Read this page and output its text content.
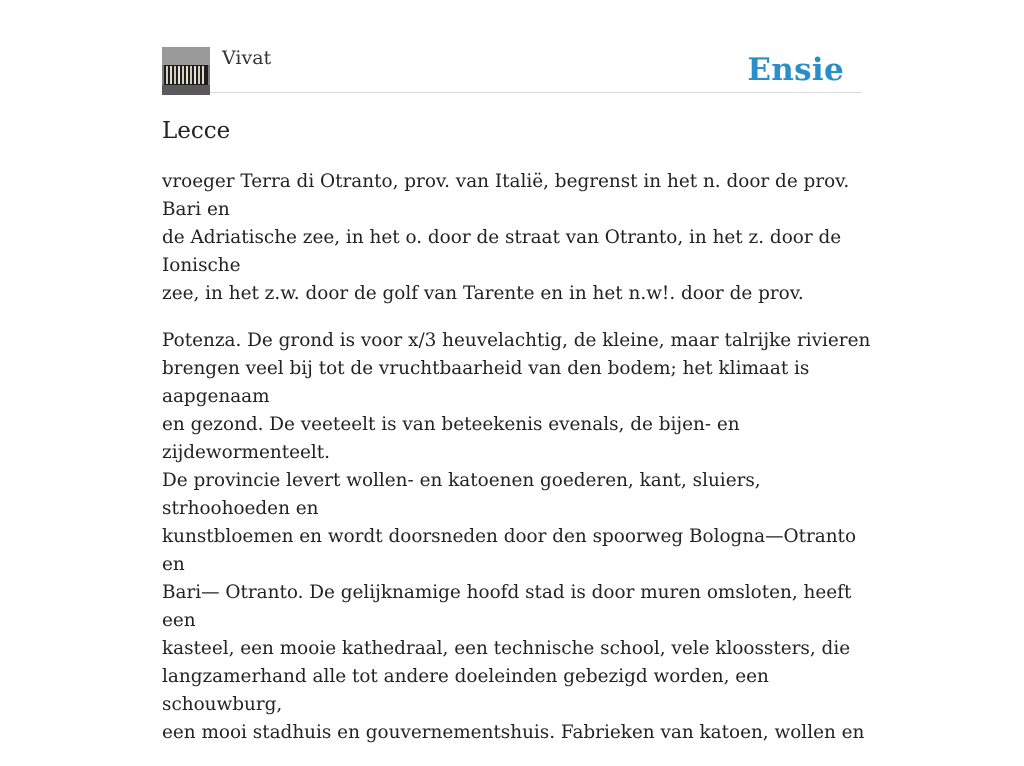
Vivat	Ensie
Lecce

vroeger Terra di Otranto, prov. van Italië, begrenst in het n. door de prov. Bari en
de Adriatische zee, in het o. door de straat van Otranto, in het z. door de Ionische
zee, in het z.w. door de golf van Tarente en in het n.w!. door de prov.

Potenza. De grond is voor x/3 heuvelachtig, de kleine, maar talrijke rivieren
brengen veel bij tot de vruchtbaarheid van den bodem; het klimaat is aapgenaam
en gezond. De veeteelt is van beteekenis evenals, de bijen- en zijdewormenteelt.
De provincie levert wollen- en katoenen goederen, kant, sluiers, strhoohoeden en
kunstbloemen en wordt doorsneden door den spoorweg Bologna—Otranto en
Bari— Otranto. De gelijknamige hoofd stad is door muren omsloten, heeft een
kasteel, een mooie kathedraal, een technische school, vele kloossters, die
langzamerhand alle tot andere doeleinden gebezigd worden, een schouwburg,
een mooi stadhuis en gouvernementshuis. Fabrieken van katoen, wollen en
